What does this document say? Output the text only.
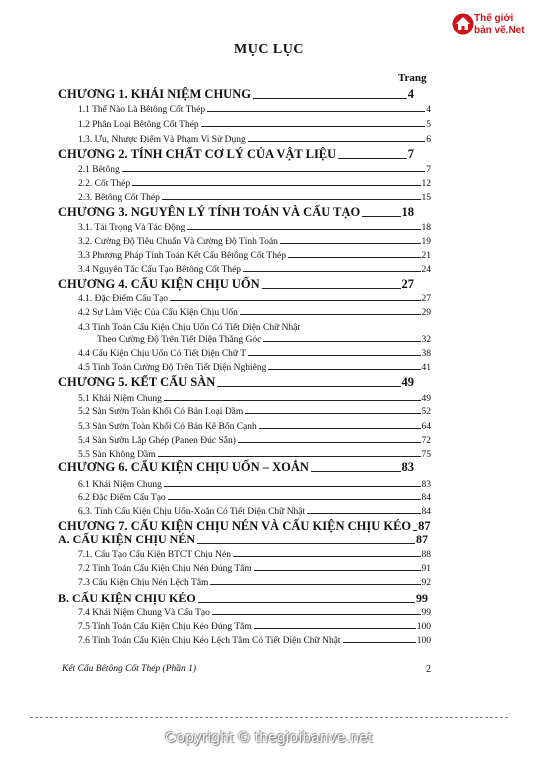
Thế giới
bản vẽ.Net
MỤC LỤC
Trang
CHƯƠNG 1. KHÁI NIỆM CHUNG	4
1.1 Thế Nào Là Bêtông Cốt Thép	4
1.2 Phân Loại Bêtông Cốt Thép	5
1.3. Ưu, Nhược Điểm Và Phạm Vi Sử Dụng	6
CHƯƠNG 2. TÍNH CHẤT CƠ LÝ CỦA VẬT LIỆU	7
2.1 Bêtông	7
2.2. Cốt Thép	12
2.3. Bêtông Cốt Thép	15
CHƯƠNG 3. NGUYÊN LÝ TÍNH TOÁN VÀ CẤU TẠO	18
3.1. Tải Trọng Và Tác Động	18
3.2. Cường Độ Tiêu Chuẩn Và Cường Độ Tính Toán	19
3.3 Phương Pháp Tính Toán Kết Cấu Bêtông Cốt Thép	21
3.4 Nguyên Tắc Cấu Tạo Bêtông Cốt Thép	24
CHƯƠNG 4. CẤU KIỆN CHỊU UỐN	27
4.1. Đặc Điểm Cấu Tạo	27
4.2 Sự Làm Việc Của Cấu Kiện Chịu Uốn	29
4.3 Tính Toán Cấu Kiện Chịu Uốn Có Tiết Diện Chữ Nhật
Theo Cường Độ Trên Tiết Diện Thẳng Góc	32
4.4 Cấu Kiện Chịu Uốn Có Tiết Diện Chữ T	38
4.5 Tính Toán Cường Độ Trên Tiết Diện Nghiêng	41
CHƯƠNG 5. KẾT CẤU SÀN	49
5.1 Khái Niệm Chung	49
5.2 Sàn Sườn Toàn Khối Có Bản Loại Dầm	52
5.3 Sàn Sườn Toàn Khối Có Bản Kê Bốn Cạnh	64
5.4 Sàn Sườn Lắp Ghép (Panen Đúc Sẵn)	72
5.5 Sàn Không Dầm	75
CHƯƠNG 6. CẤU KIỆN CHỊU UỐN – XOẮN	83
6.1 Khái Niệm Chung	83
6.2 Đặc Điểm Cấu Tạo	84
6.3. Tính Cấu Kiện Chịu Uốn-Xoắn Có Tiết Diện Chữ Nhật	84
CHƯƠNG 7. CẤU KIỆN CHỊU NÉN VÀ CẤU KIỆN CHỊU KÉO 87
A. CẤU KIỆN CHỊU NÉN	87
7.1. Cấu Tạo Cấu Kiện BTCT Chịu Nén	88
7.2 Tính Toán Cấu Kiện Chịu Nén Đúng Tâm	91
7.3 Cấu Kiện Chịu Nén Lệch Tâm	92
B. CẤU KIỆN CHỊU KÉO	99
7.4 Khái Niệm Chung Và Cấu Tạo	99
7.5 Tính Toán Cấu Kiện Chịu Kéo Đúng Tâm	100
7.6 Tính Toán Cấu Kiện Chịu Kéo Lệch Tâm Có Tiết Diện Chữ Nhật	100
Kết Cấu Bêtông Cốt Thép (Phần 1)	2
Copyright © thegioibanve.net
